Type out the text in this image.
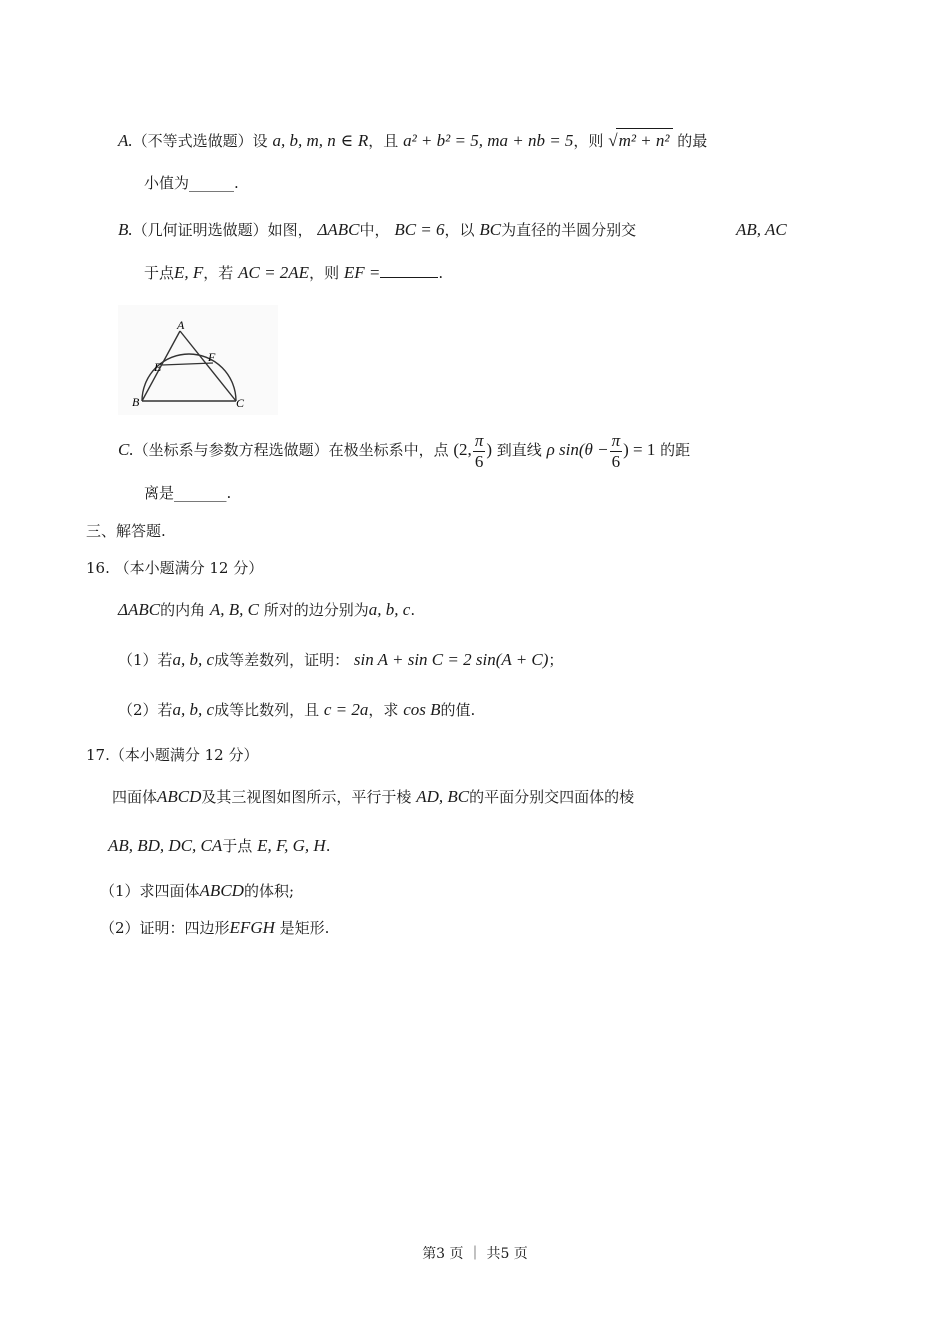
A.（不等式选做题）设 a, b, m, n ∈ R，且 a² + b² = 5, ma + nb = 5，则 √m² + n² 的最
小值为______.
B.（几何证明选做题）如图， ΔABC中， BC = 6，以 BC为直径的半圆分别交	AB, AC
于点E, F，若 AC = 2AE，则 EF =	.
A
B	C
E
F
C.（坐标系与参数方程选做题）在极坐标系中，点 (2, $\frac{\pi}{6}$ ) 到直线 ρ $\sin(\theta - \frac{\pi}{6}$ ) = 1 的距
离是_______.
三、解答题.
16. （本小题满分 12 分）
ΔABC的内角 A, B, C 所对的边分别为a, b, c.
（1）若a, b, c成等差数列，证明： sin A + sin C = 2 sin(A + C)；
（2）若a, b, c成等比数列，且 c = 2a，求 cos B的值.
17.（本小题满分 12 分）
四面体ABCD及其三视图如图所示，平行于棱 AD, BC的平面分别交四面体的棱
AB, BD, DC, CA于点 E, F, G, H.
（1）求四面体ABCD的体积;
（2）证明：四边形EFGH 是矩形.
第3 页 ｜ 共5 页
